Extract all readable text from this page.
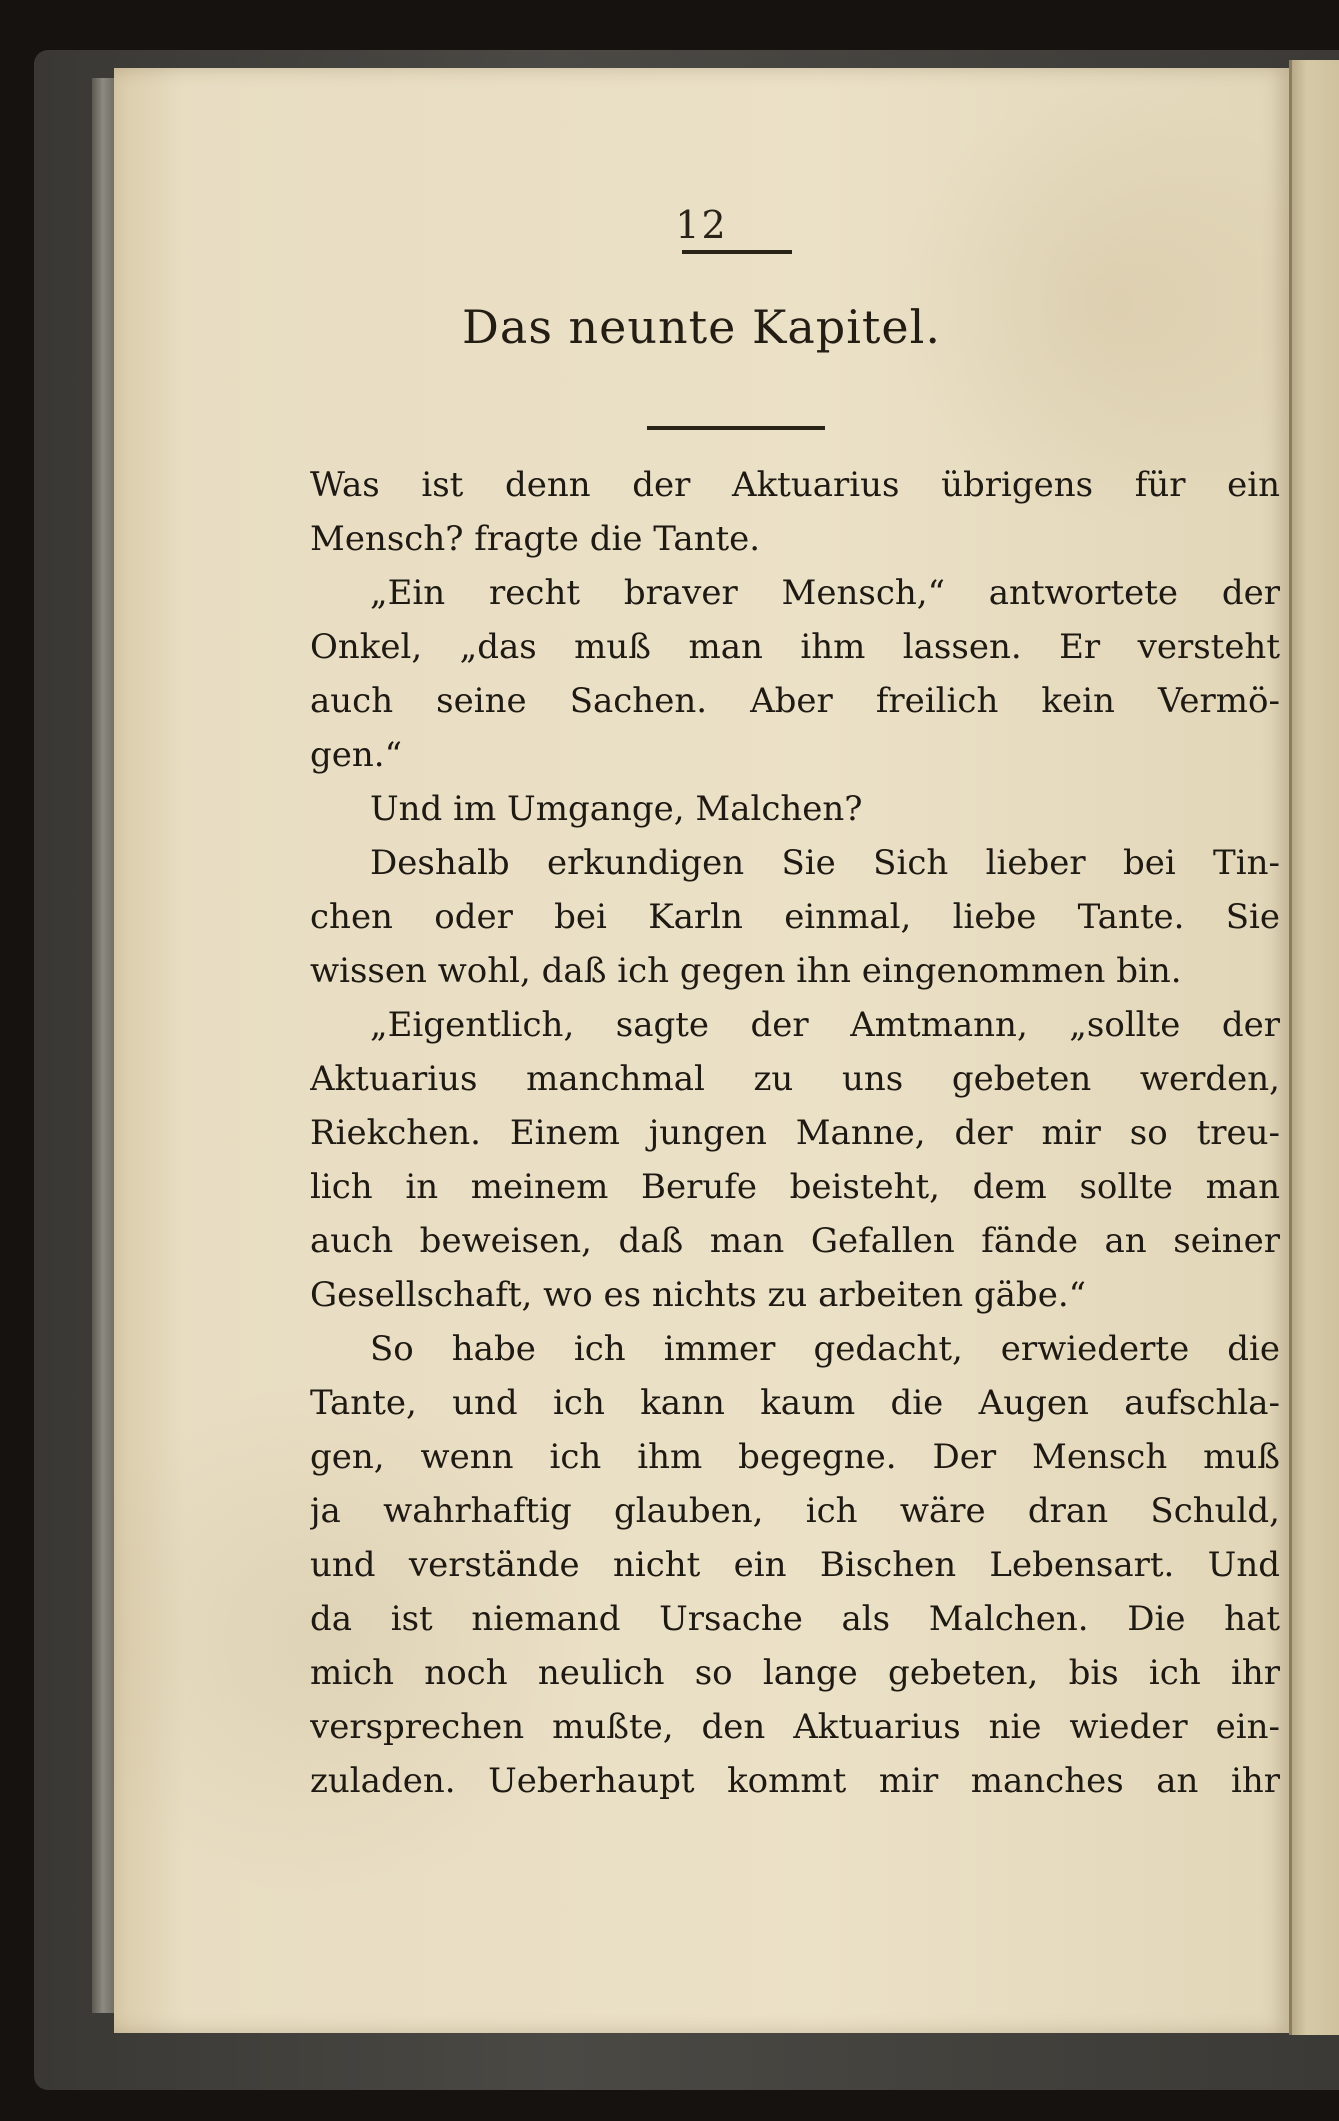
12
Das neunte Kapitel.
Was ist denn der Aktuarius übrigens für ein
Mensch? fragte die Tante.
„Ein recht braver Mensch,“ antwortete der
Onkel, „das muß man ihm lassen. Er versteht
auch seine Sachen. Aber freilich kein Vermö-
gen.“
Und im Umgange, Malchen?
Deshalb erkundigen Sie Sich lieber bei Tin-
chen oder bei Karln einmal, liebe Tante. Sie
wissen wohl, daß ich gegen ihn eingenommen bin.
„Eigentlich, sagte der Amtmann, „sollte der
Aktuarius manchmal zu uns gebeten werden,
Riekchen. Einem jungen Manne, der mir so treu-
lich in meinem Berufe beisteht, dem sollte man
auch beweisen, daß man Gefallen fände an seiner
Gesellschaft, wo es nichts zu arbeiten gäbe.“
So habe ich immer gedacht, erwiederte die
Tante, und ich kann kaum die Augen aufschla-
gen, wenn ich ihm begegne. Der Mensch muß
ja wahrhaftig glauben, ich wäre dran Schuld,
und verstände nicht ein Bischen Lebensart. Und
da ist niemand Ursache als Malchen. Die hat
mich noch neulich so lange gebeten, bis ich ihr
versprechen mußte, den Aktuarius nie wieder ein-
zuladen. Ueberhaupt kommt mir manches an ihr
